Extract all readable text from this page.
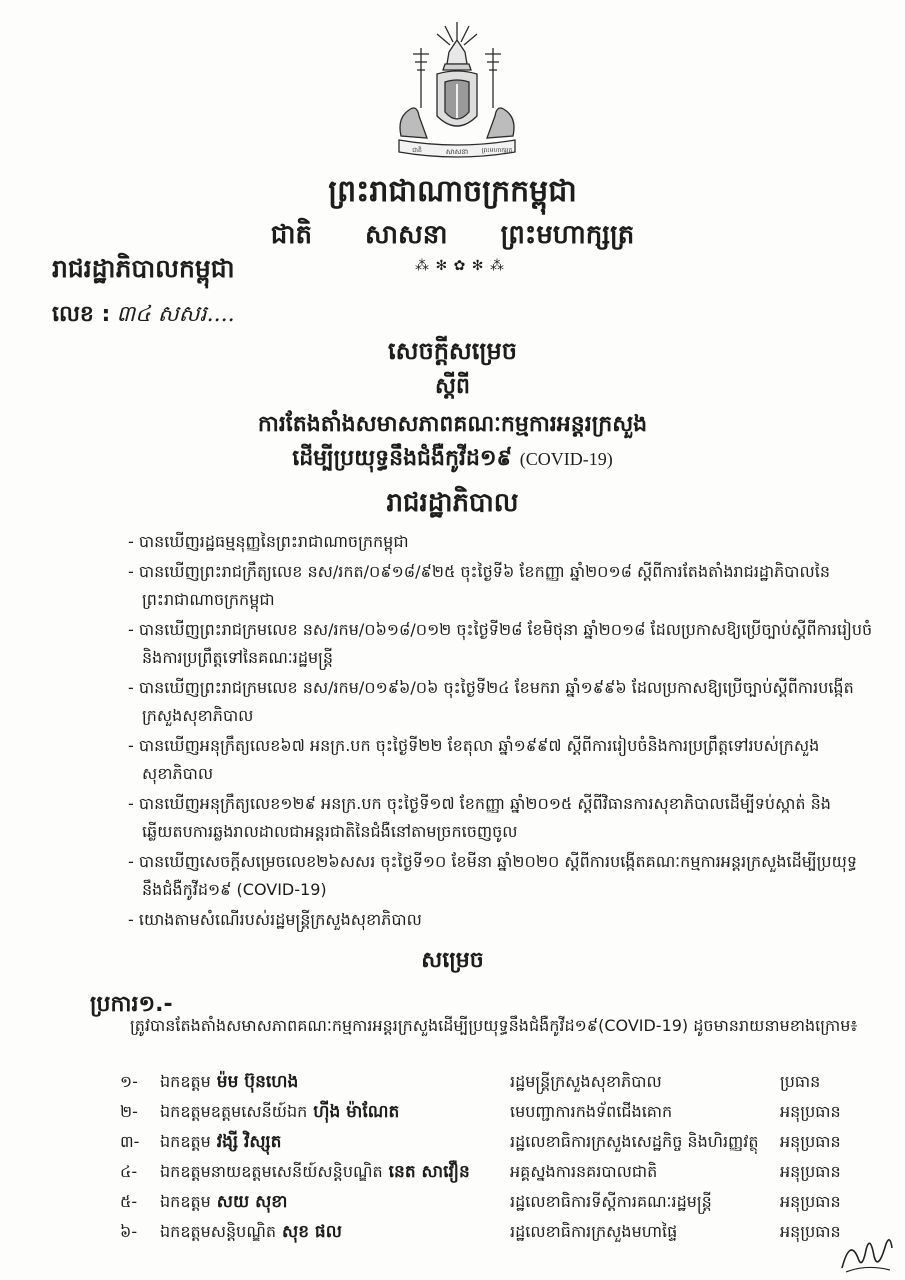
សាសនា
ជាតិ	ព្រះមហាក្សត្រ
ព្រះរាជាណាចក្រកម្ពុជា
ជាតិ សាសនា ព្រះមហាក្សត្រ
⁂ ✻ ✿ ✻ ⁂
រាជរដ្ឋាភិបាលកម្ពុជា
លេខ : ៣៤ សសរ....
សេចក្តីសម្រេច
ស្តីពី
ការតែងតាំងសមាសភាពគណៈកម្មការអន្តរក្រសួង
ដើម្បីប្រយុទ្ធនឹងជំងឺកូវីដ១៩ (COVID-19)
រាជរដ្ឋាភិបាល
- បានឃើញរដ្ឋធម្មនុញ្ញនៃព្រះរាជាណាចក្រកម្ពុជា
- បានឃើញព្រះរាជក្រឹត្យលេខ នស/រកត/០៩១៨/៩២៥ ចុះថ្ងៃទី៦ ខែកញ្ញា ឆ្នាំ២០១៨ ស្តីពីការតែងតាំងរាជរដ្ឋាភិបាលនៃព្រះរាជាណាចក្រកម្ពុជា
- បានឃើញព្រះរាជក្រមលេខ នស/រកម/០៦១៨/០១២ ចុះថ្ងៃទី២៨ ខែមិថុនា ឆ្នាំ២០១៨ ដែលប្រកាសឱ្យប្រើច្បាប់ស្តីពីការរៀបចំនិងការប្រព្រឹត្តទៅនៃគណៈរដ្ឋមន្ត្រី
- បានឃើញព្រះរាជក្រមលេខ នស/រកម/០១៩៦/០៦ ចុះថ្ងៃទី២៤ ខែមករា ឆ្នាំ១៩៩៦ ដែលប្រកាសឱ្យប្រើច្បាប់ស្តីពីការបង្កើតក្រសួងសុខាភិបាល
- បានឃើញអនុក្រឹត្យលេខ៦៧ អនក្រ.បក ចុះថ្ងៃទី២២ ខែតុលា ឆ្នាំ១៩៩៧ ស្តីពីការរៀបចំនិងការប្រព្រឹត្តទៅរបស់ក្រសួងសុខាភិបាល
- បានឃើញអនុក្រឹត្យលេខ១២៩ អនក្រ.បក ចុះថ្ងៃទី១៧ ខែកញ្ញា ឆ្នាំ២០១៥ ស្តីពីវិធានការសុខាភិបាលដើម្បីទប់ស្កាត់ និងឆ្លើយតបការឆ្លងរាលដាលជាអន្តរជាតិនៃជំងឺនៅតាមច្រកចេញចូល
- បានឃើញសេចក្តីសម្រេចលេខ២៦សសរ ចុះថ្ងៃទី១០ ខែមីនា ឆ្នាំ២០២០ ស្តីពីការបង្កើតគណៈកម្មការអន្តរក្រសួងដើម្បីប្រយុទ្ធនឹងជំងឺកូវីដ១៩ (COVID-19)
- យោងតាមសំណើរបស់រដ្ឋមន្ត្រីក្រសួងសុខាភិបាល
សម្រេច
ប្រការ១.-
ត្រូវបានតែងតាំងសមាសភាពគណៈកម្មការអន្តរក្រសួងដើម្បីប្រយុទ្ធនឹងជំងឺកូវីដ១៩(COVID-19) ដូចមានរាយនាមខាងក្រោម៖
១-	ឯកឧត្តម ម៉ម ប៊ុនហេង	រដ្ឋមន្ត្រីក្រសួងសុខាភិបាល	ប្រធាន
២-	ឯកឧត្តមឧត្តមសេនីយ៍ឯក ហ៊ីង ម៉ាណែត	មេបញ្ជាការកងទ័ពជើងគោក	អនុប្រធាន
៣-	ឯកឧត្តម វង្សី វិស្សុត	រដ្ឋលេខាធិការក្រសួងសេដ្ឋកិច្ច និងហិរញ្ញវត្ថុ	អនុប្រធាន
៤-	ឯកឧត្តមនាយឧត្តមសេនីយ៍សន្តិបណ្ឌិត នេត សាវឿន	អគ្គស្នងការនគរបាលជាតិ	អនុប្រធាន
៥-	ឯកឧត្តម សយ សុខា	រដ្ឋលេខាធិការទីស្តីការគណៈរដ្ឋមន្ត្រី	អនុប្រធាន
៦-	ឯកឧត្តមសន្តិបណ្ឌិត សុខ ផល	រដ្ឋលេខាធិការក្រសួងមហាផ្ទៃ	អនុប្រធាន
